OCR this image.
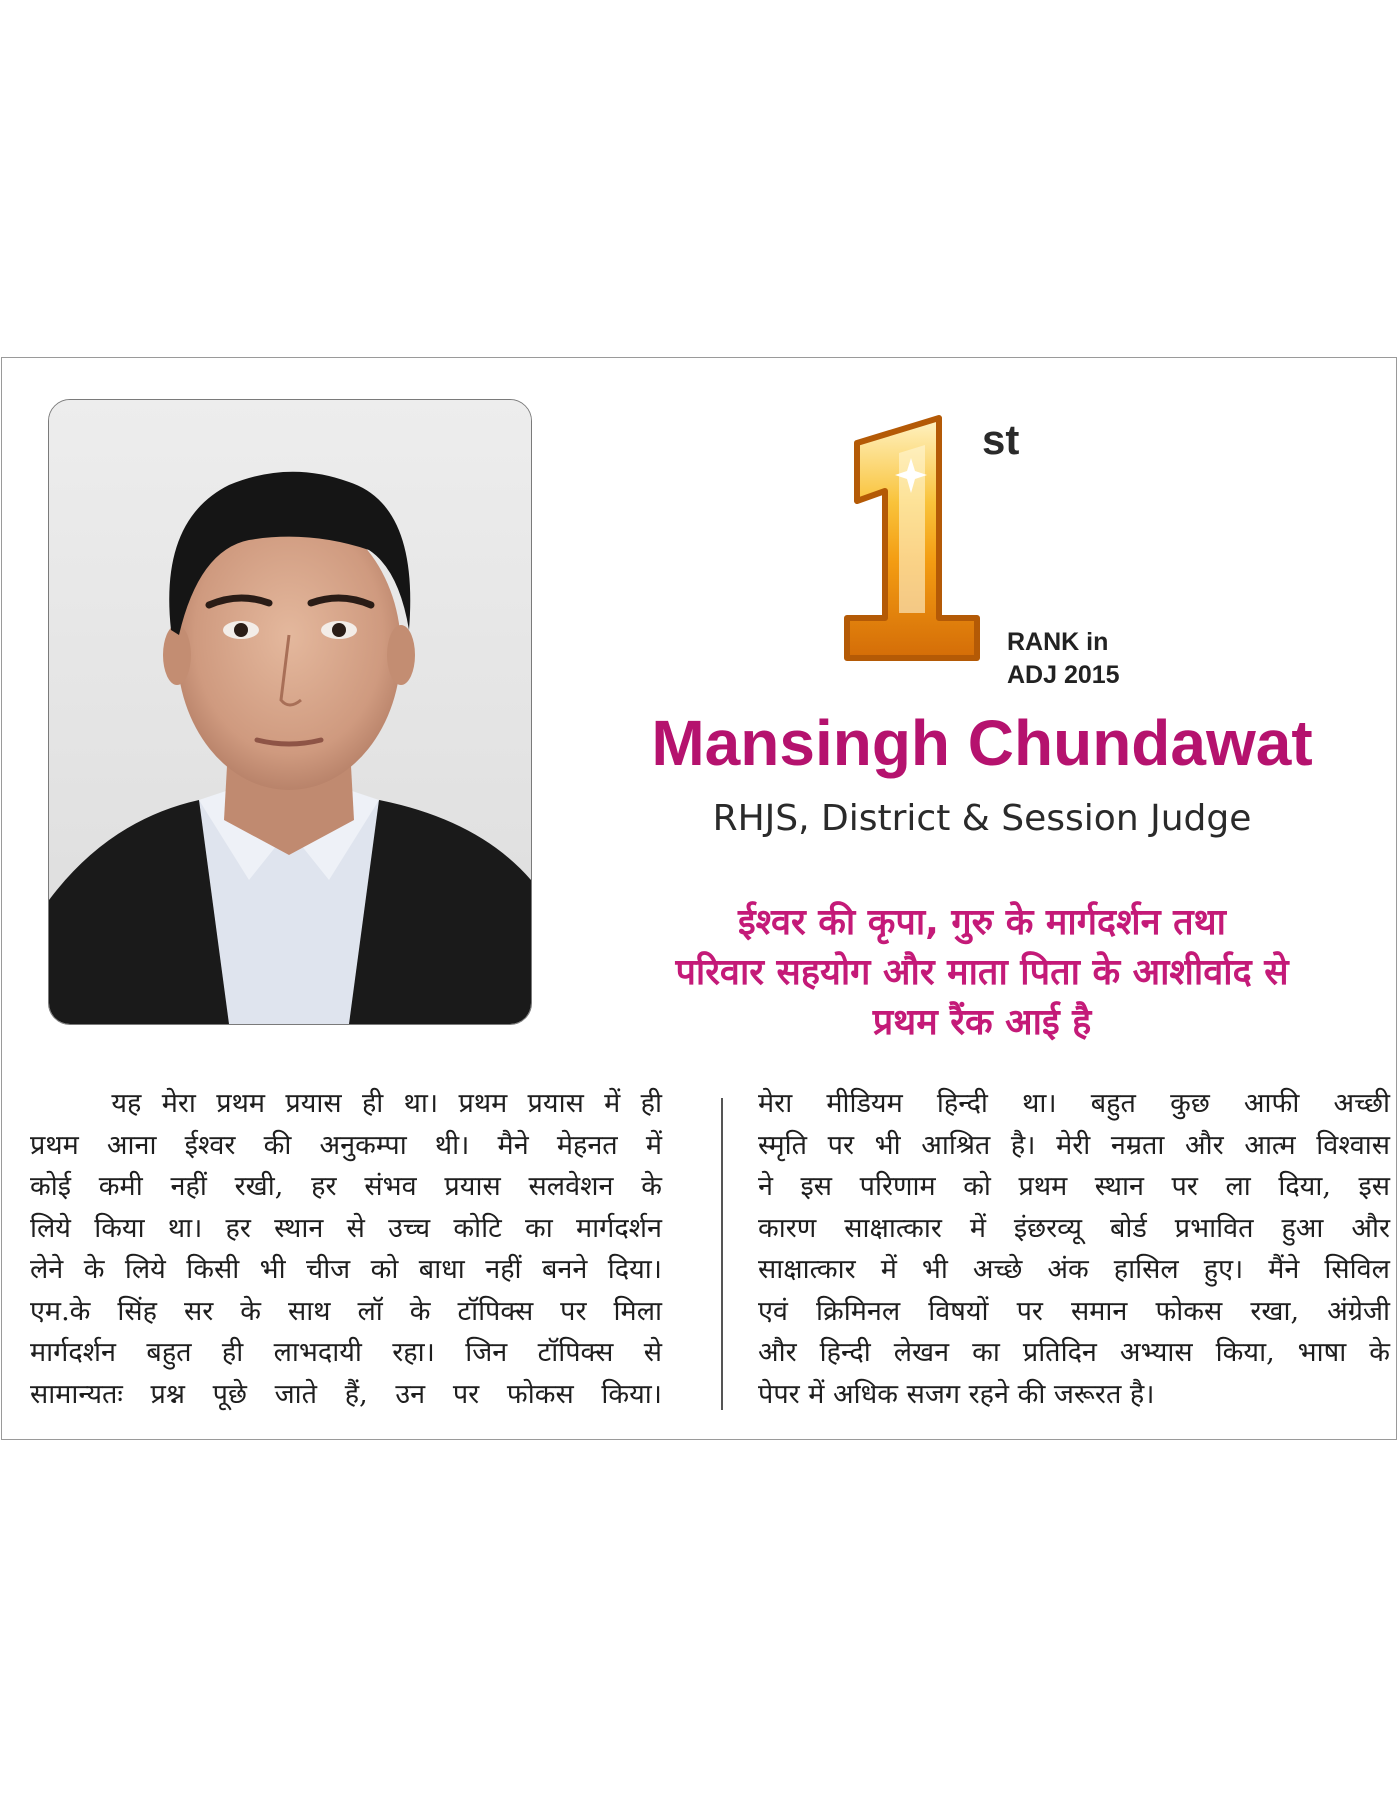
st
RANK in
ADJ 2015
Mansingh Chundawat
RHJS, District & Session Judge
ईश्वर की कृपा, गुरु के मार्गदर्शन तथा
परिवार सहयोग और माता पिता के आशीर्वाद से
प्रथम रैंक आई है
यह मेरा प्रथम प्रयास ही था। प्रथम प्रयास में ही
प्रथम आना ईश्वर की अनुकम्पा थी। मैने मेहनत में
कोई कमी नहीं रखी, हर संभव प्रयास सलवेशन के
लिये किया था। हर स्थान से उच्च कोटि का मार्गदर्शन
लेने के लिये किसी भी चीज को बाधा नहीं बनने दिया।
एम.के सिंह सर के साथ लॉ के टॉपिक्स पर मिला
मार्गदर्शन बहुत ही लाभदायी रहा। जिन टॉपिक्स से
सामान्यतः प्रश्न पूछे जाते हैं, उन पर फोकस किया।
मेरा मीडियम हिन्दी था। बहुत कुछ आफी अच्छी
स्मृति पर भी आश्रित है। मेरी नम्रता और आत्म विश्वास
ने इस परिणाम को प्रथम स्थान पर ला दिया, इस
कारण साक्षात्कार में इंछरव्यू बोर्ड प्रभावित हुआ और
साक्षात्कार में भी अच्छे अंक हासिल हुए। मैंने सिविल
एवं क्रिमिनल विषयों पर समान फोकस रखा, अंग्रेजी
और हिन्दी लेखन का प्रतिदिन अभ्यास किया, भाषा के
पेपर में अधिक सजग रहने की जरूरत है।
